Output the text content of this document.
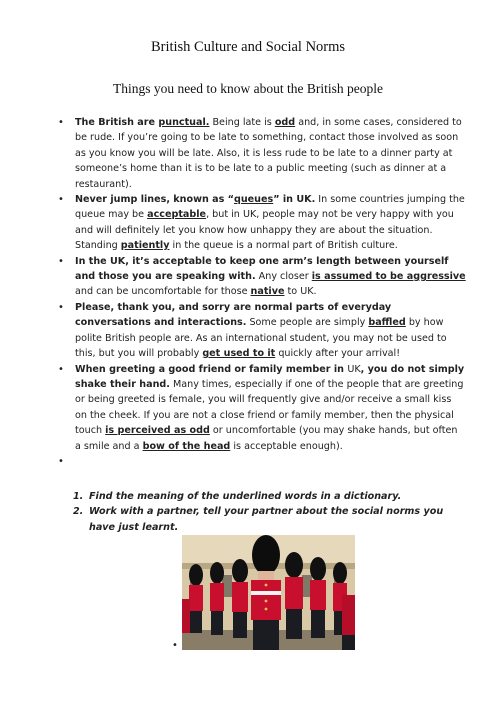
British Culture and Social Norms
Things you need to know about the British people
• The British are punctual. Being late is odd and, in some cases, considered to be rude. If you’re going to be late to something, contact those involved as soon as you know you will be late. Also, it is less rude to be late to a dinner party at someone’s home than it is to be late to a public meeting (such as dinner at a restaurant).
• Never jump lines, known as “queues” in UK. In some countries jumping the queue may be acceptable, but in UK, people may not be very happy with you and will definitely let you know how unhappy they are about the situation. Standing patiently in the queue is a normal part of British culture.
• In the UK, it’s acceptable to keep one arm’s length between yourself and those you are speaking with. Any closer is assumed to be aggressive and can be uncomfortable for those native to UK.
• Please, thank you, and sorry are normal parts of everyday conversations and interactions. Some people are simply baffled by how polite British people are. As an international student, you may not be used to this, but you will probably get used to it quickly after your arrival!
• When greeting a good friend or family member in UK, you do not simply shake their hand. Many times, especially if one of the people that are greeting or being greeted is female, you will frequently give and/or receive a small kiss on the cheek. If you are not a close friend or family member, then the physical touch is perceived as odd or uncomfortable (you may shake hands, but often a smile and a bow of the head is acceptable enough).
•
1. Find the meaning of the underlined words in a dictionary.
2. Work with a partner, tell your partner about the social norms you have just learnt.
•
